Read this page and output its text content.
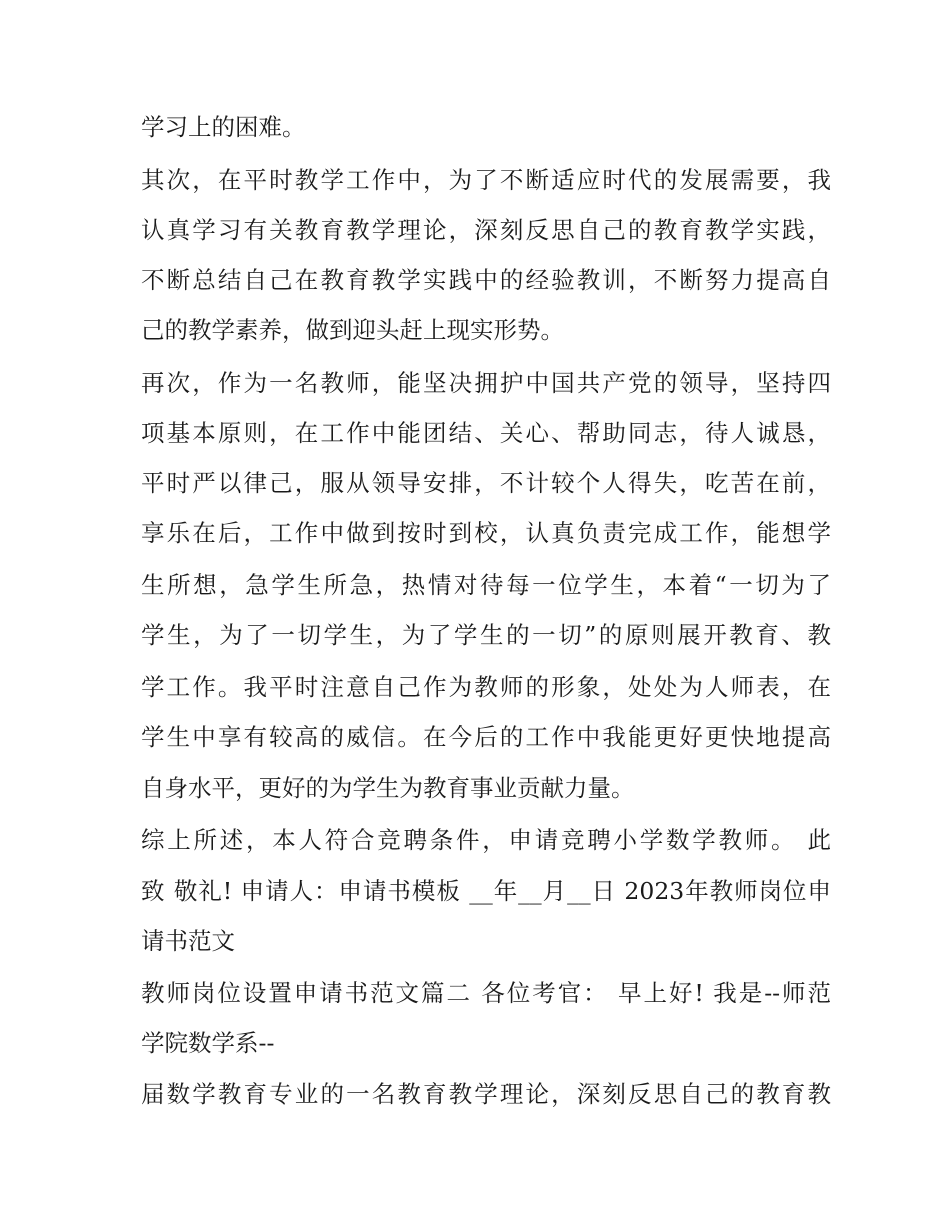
学习上的困难。
其次，在平时教学工作中，为了不断适应时代的发展需要，我
认真学习有关教育教学理论，深刻反思自己的教育教学实践，
不断总结自己在教育教学实践中的经验教训，不断努力提高自
己的教学素养，做到迎头赶上现实形势。
再次，作为一名教师，能坚决拥护中国共产党的领导，坚持四
项基本原则，在工作中能团结、关心、帮助同志，待人诚恳，
平时严以律己，服从领导安排，不计较个人得失，吃苦在前，
享乐在后，工作中做到按时到校，认真负责完成工作，能想学
生所想，急学生所急，热情对待每一位学生，本着“一切为了
学生，为了一切学生，为了学生的一切”的原则展开教育、教
学工作。我平时注意自己作为教师的形象，处处为人师表，在
学生中享有较高的威信。在今后的工作中我能更好更快地提高
自身水平，更好的为学生为教育事业贡献力量。
综上所述，本人符合竞聘条件，申请竞聘小学数学教师。 此
致 敬礼! 申请人：申请书模板 __年__月__日 2023年教师岗位申
请书范文
教师岗位设置申请书范文篇二 各位考官： 早上好! 我是--师范
学院数学系--
届数学教育专业的一名教育教学理论，深刻反思自己的教育教
